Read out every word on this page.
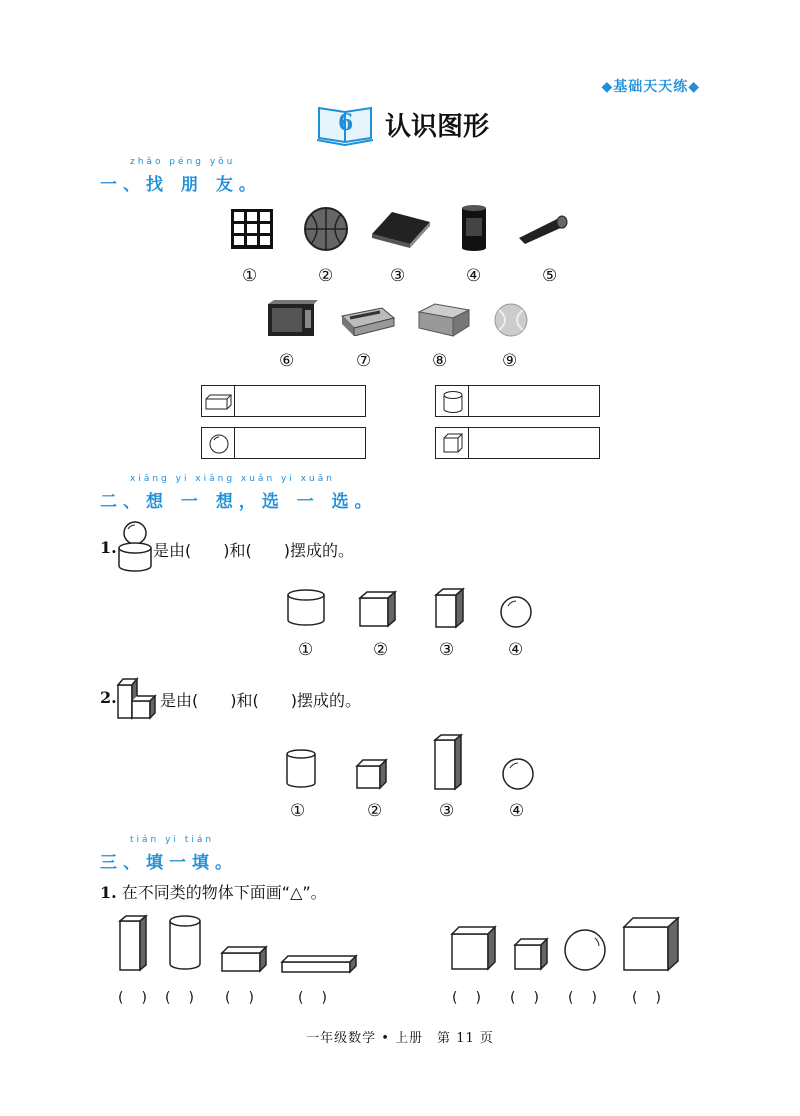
◆基础天天练◆
6 认识图形
zhǎo péng yǒu
一、找 朋 友。
①	②	③	④	⑤
⑥	⑦	⑧	⑨
xiǎng yi xiǎng xuǎn yi xuǎn
二、想 一 想，选 一 选。
1. 是由(　　)和(　　)摆成的。
①	②	③	④
2.	是由(　　)和(　　)摆成的。
①	②	③	④
tián yi tián
三、填一填。
1. 在不同类的物体下面画“△”。
(　) (　) (　)	(　)	(　) (　) (　) (　)
一年级数学 • 上册　第 11 页
